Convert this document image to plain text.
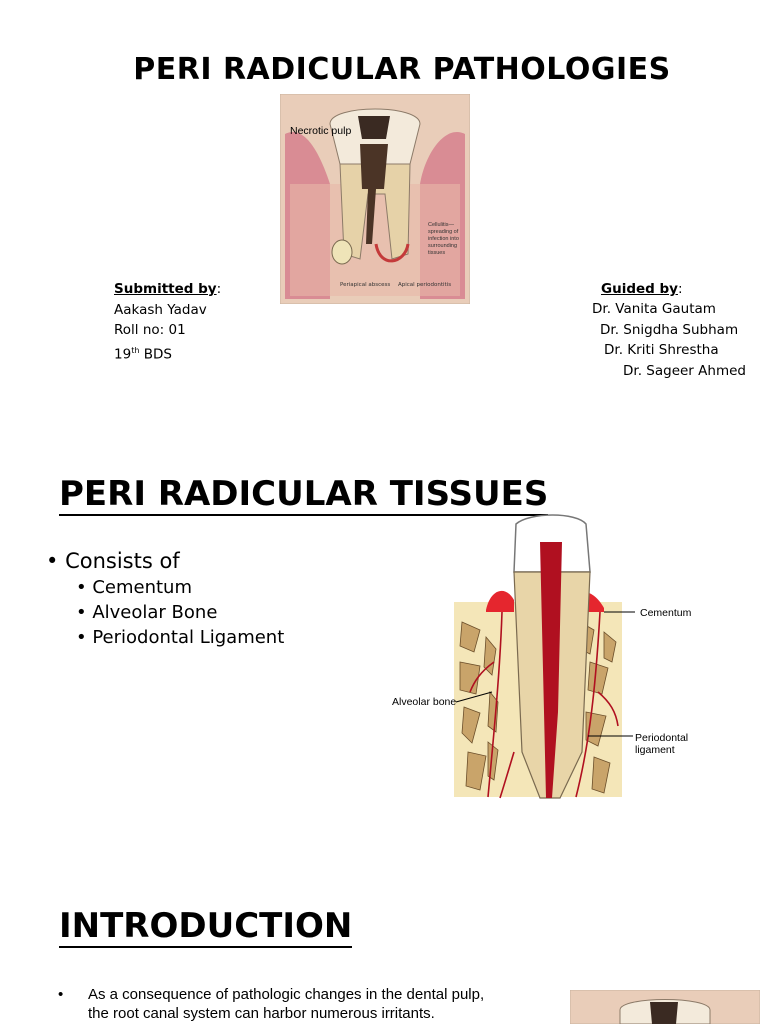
PERI RADICULAR PATHOLOGIES
Necrotic pulp
Periapical abscess Apical periodontitis
Cellulitis—spreading of infection into surrounding tissues
Submitted by:
Aakash Yadav
Roll no: 01
19th BDS
Guided by:
Dr. Vanita Gautam
Dr. Snigdha Subham
Dr. Kriti Shrestha
Dr. Sageer Ahmed
PERI RADICULAR TISSUES
• Consists of
• Cementum
• Alveolar Bone
• Periodontal Ligament
Cementum
Alveolar bone
Periodontal
ligament
INTRODUCTION
• As a consequence of pathologic changes in the dental pulp,
the root canal system can harbor numerous irritants.
